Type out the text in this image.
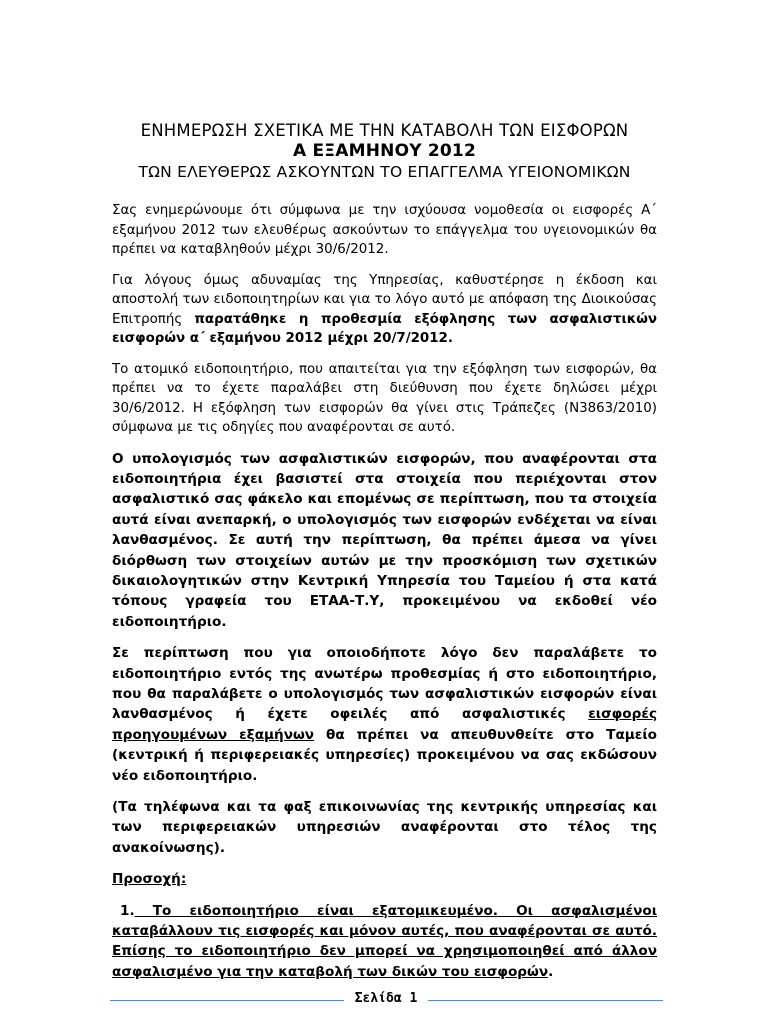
ΕΝΗΜΕΡΩΣΗ ΣΧΕΤΙΚΑ ΜΕ ΤΗΝ ΚΑΤΑΒΟΛΗ ΤΩΝ ΕΙΣΦΟΡΩΝ
Α ΕΞΑΜΗΝΟΥ 2012
ΤΩΝ ΕΛΕΥΘΕΡΩΣ ΑΣΚΟΥΝΤΩΝ ΤΟ ΕΠΑΓΓΕΛΜΑ ΥΓΕΙΟΝΟΜΙΚΩΝ

Σας ενημερώνουμε ότι σύμφωνα με την ισχύουσα νομοθεσία οι εισφορές Α΄ εξαμήνου 2012 των ελευθέρως ασκούντων το επάγγελμα του υγειονομικών θα πρέπει να καταβληθούν μέχρι 30/6/2012.

Για λόγους όμως αδυναμίας της Υπηρεσίας, καθυστέρησε η έκδοση και αποστολή των ειδοποιητηρίων και για το λόγο αυτό με απόφαση της Διοικούσας Επιτροπής παρατάθηκε η προθεσμία εξόφλησης των ασφαλιστικών εισφορών α΄ εξαμήνου 2012 μέχρι 20/7/2012.

Το ατομικό ειδοποιητήριο, που απαιτείται για την εξόφληση των εισφορών, θα πρέπει να το έχετε παραλάβει στη διεύθυνση που έχετε δηλώσει μέχρι 30/6/2012. Η εξόφληση των εισφορών θα γίνει στις Τράπεζες (Ν3863/2010) σύμφωνα με τις οδηγίες που αναφέρονται σε αυτό.

Ο υπολογισμός των ασφαλιστικών εισφορών, που αναφέρονται στα ειδοποιητήρια έχει βασιστεί στα στοιχεία που περιέχονται στον ασφαλιστικό σας φάκελο και επομένως σε περίπτωση, που τα στοιχεία αυτά είναι ανεπαρκή, ο υπολογισμός των εισφορών ενδέχεται να είναι λανθασμένος. Σε αυτή την περίπτωση, θα πρέπει άμεσα να γίνει διόρθωση των στοιχείων αυτών με την προσκόμιση των σχετικών δικαιολογητικών στην Κεντρική Υπηρεσία του Ταμείου ή στα κατά τόπους γραφεία του ΕΤΑΑ-Τ.Υ, προκειμένου να εκδοθεί νέο ειδοποιητήριο.

Σε περίπτωση που για οποιοδήποτε λόγο δεν παραλάβετε το ειδοποιητήριο εντός της ανωτέρω προθεσμίας ή στο ειδοποιητήριο, που θα παραλάβετε ο υπολογισμός των ασφαλιστικών εισφορών είναι λανθασμένος ή έχετε οφειλές από ασφαλιστικές εισφορές προηγουμένων εξαμήνων θα πρέπει να απευθυνθείτε στο Ταμείο (κεντρική ή περιφερειακές υπηρεσίες) προκειμένου να σας εκδώσουν νέο ειδοποιητήριο.

(Τα τηλέφωνα και τα φαξ επικοινωνίας της κεντρικής υπηρεσίας και των περιφερειακών υπηρεσιών αναφέρονται στο τέλος της ανακοίνωσης).

Προσοχή:

1. Το ειδοποιητήριο είναι εξατομικευμένο. Οι ασφαλισμένοι καταβάλλουν τις εισφορές και μόνον αυτές, που αναφέρονται σε αυτό. Επίσης το ειδοποιητήριο δεν μπορεί να χρησιμοποιηθεί από άλλον ασφαλισμένο για την καταβολή των δικών του εισφορών.

Σελίδα 1
